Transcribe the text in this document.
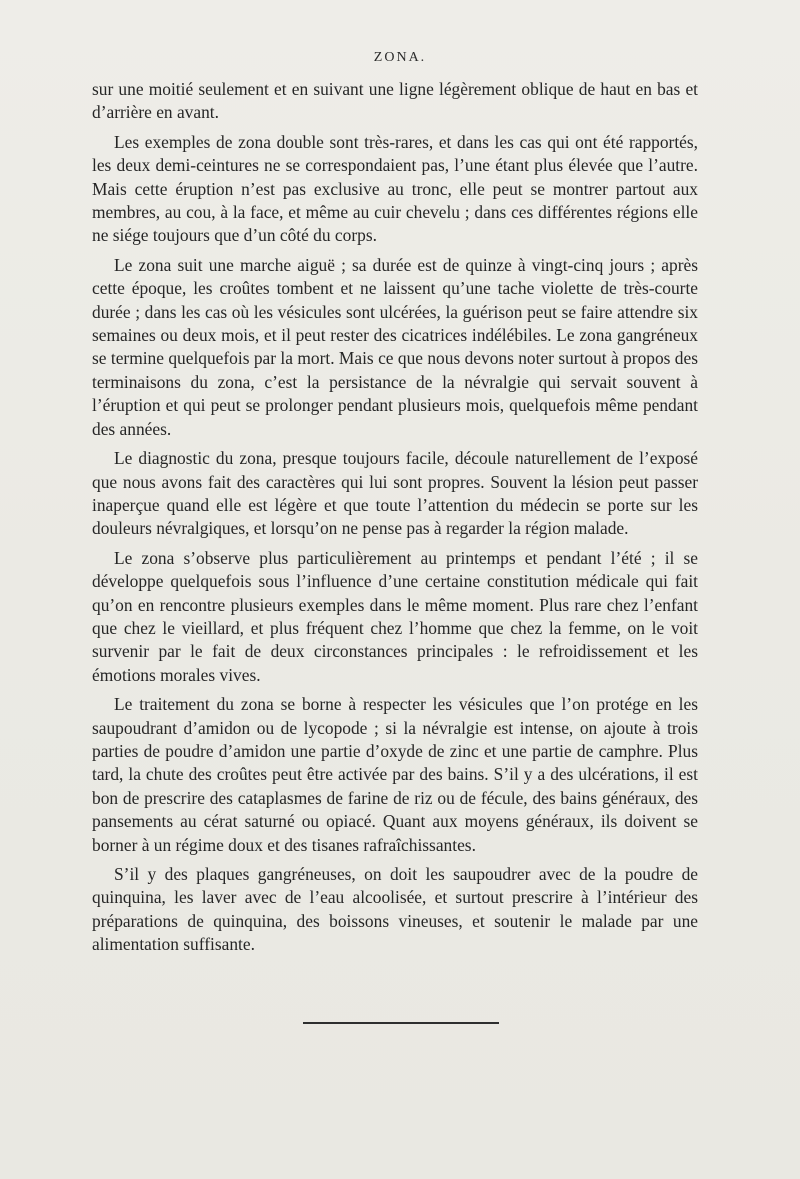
ZONA.

sur une moitié seulement et en suivant une ligne légèrement oblique de haut en bas et d’arrière en avant.

Les exemples de zona double sont très-rares, et dans les cas qui ont été rapportés, les deux demi-ceintures ne se correspondaient pas, l’une étant plus élevée que l’autre. Mais cette éruption n’est pas exclusive au tronc, elle peut se montrer partout aux membres, au cou, à la face, et même au cuir chevelu ; dans ces différentes régions elle ne siége toujours que d’un côté du corps.

Le zona suit une marche aiguë ; sa durée est de quinze à vingt-cinq jours ; après cette époque, les croûtes tombent et ne laissent qu’une tache violette de très-courte durée ; dans les cas où les vésicules sont ulcérées, la guérison peut se faire attendre six semaines ou deux mois, et il peut rester des cicatrices indélébiles. Le zona gangréneux se termine quelquefois par la mort. Mais ce que nous devons noter surtout à propos des terminaisons du zona, c’est la persistance de la névralgie qui servait souvent à l’éruption et qui peut se prolonger pendant plusieurs mois, quelquefois même pendant des années.

Le diagnostic du zona, presque toujours facile, découle naturellement de l’exposé que nous avons fait des caractères qui lui sont propres. Souvent la lésion peut passer inaperçue quand elle est légère et que toute l’attention du médecin se porte sur les douleurs névralgiques, et lorsqu’on ne pense pas à regarder la région malade.

Le zona s’observe plus particulièrement au printemps et pendant l’été ; il se développe quelquefois sous l’influence d’une certaine constitution médicale qui fait qu’on en rencontre plusieurs exemples dans le même moment. Plus rare chez l’enfant que chez le vieillard, et plus fréquent chez l’homme que chez la femme, on le voit survenir par le fait de deux circonstances principales : le refroidissement et les émotions morales vives.

Le traitement du zona se borne à respecter les vésicules que l’on protége en les saupoudrant d’amidon ou de lycopode ; si la névralgie est intense, on ajoute à trois parties de poudre d’amidon une partie d’oxyde de zinc et une partie de camphre. Plus tard, la chute des croûtes peut être activée par des bains. S’il y a des ulcérations, il est bon de prescrire des cataplasmes de farine de riz ou de fécule, des bains généraux, des pansements au cérat saturné ou opiacé. Quant aux moyens généraux, ils doivent se borner à un régime doux et des tisanes rafraîchissantes.

S’il y des plaques gangréneuses, on doit les saupoudrer avec de la poudre de quinquina, les laver avec de l’eau alcoolisée, et surtout prescrire à l’intérieur des préparations de quinquina, des boissons vineuses, et soutenir le malade par une alimentation suffisante.
